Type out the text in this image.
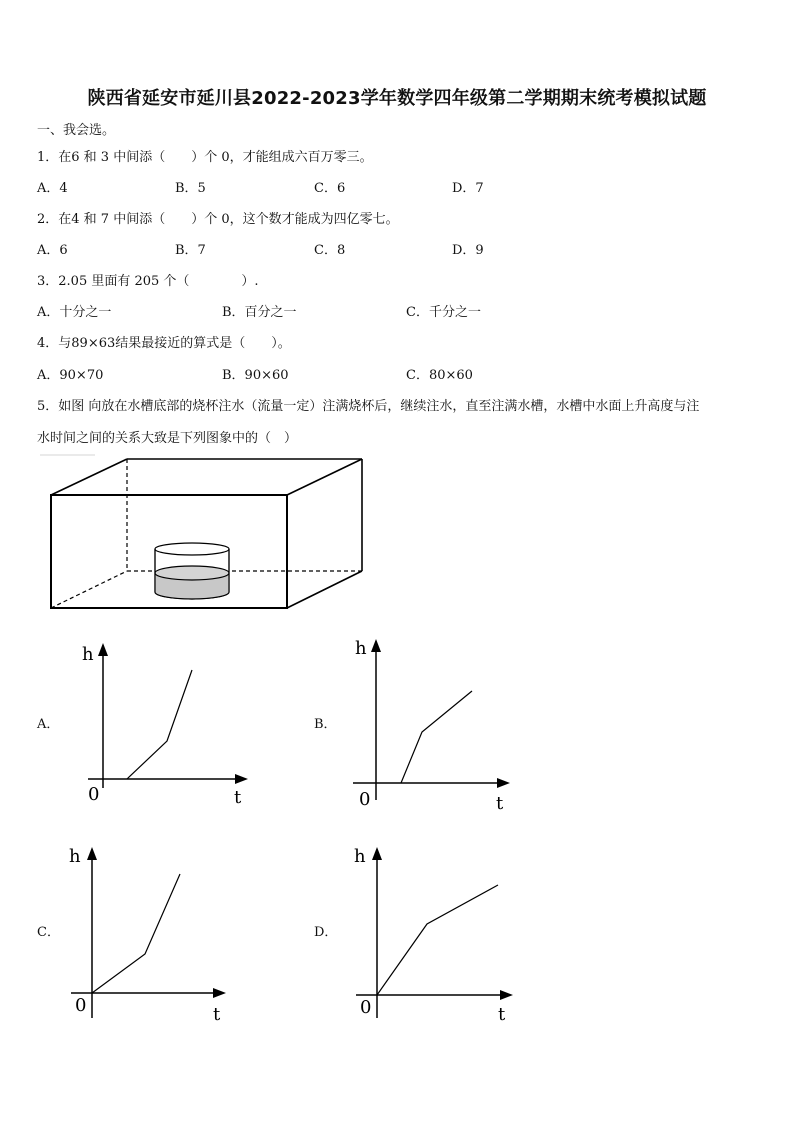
陕西省延安市延川县2022-2023学年数学四年级第二学期期末统考模拟试题
一、我会选。
1．在6 和 3 中间添（　　）个 0，才能组成六百万零三。
A．4	B．5	C．6	D．7
2．在4 和 7 中间添（　　）个 0，这个数才能成为四亿零七。
A．6	B．7	C．8	D．9
3．2.05 里面有 205 个（　　　　）.
A．十分之一	B．百分之一	C．千分之一
4．与89×63结果最接近的算式是（　　）。
A．90×70	B．90×60	C．80×60
5．如图 向放在水槽底部的烧杯注水（流量一定）注满烧杯后，继续注水，直至注满水槽，水槽中水面上升高度与注
水时间之间的关系大致是下列图象中的（　）
A．
h
0	t
B．
h
0	t
C．
h
0	t
D．
h
0	t
